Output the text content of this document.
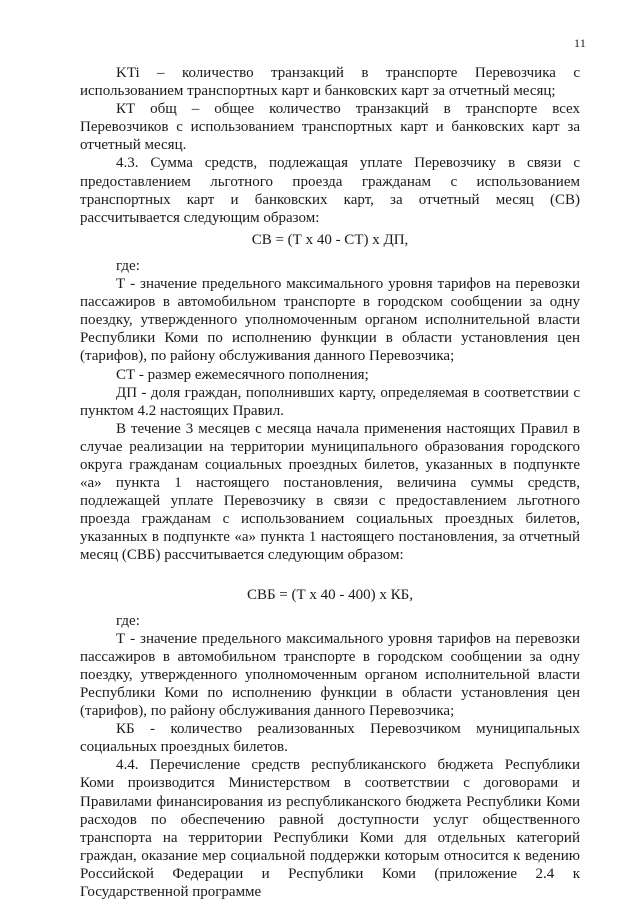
11

KTi – количество транзакций в транспорте Перевозчика с использованием транспортных карт и банковских карт за отчетный месяц;

КТ общ – общее количество транзакций в транспорте всех Перевозчиков с использованием транспортных карт и банковских карт за отчетный месяц.

4.3. Сумма средств, подлежащая уплате Перевозчику в связи с предоставлением льготного проезда гражданам с использованием транспортных карт и банковских карт, за отчетный месяц (СВ) рассчитывается следующим образом:

СВ = (Т х 40 - СТ) х ДП,

где:

Т - значение предельного максимального уровня тарифов на перевозки пассажиров в автомобильном транспорте в городском сообщении за одну поездку, утвержденного уполномоченным органом исполнительной власти Республики Коми по исполнению функции в области установления цен (тарифов), по району обслуживания данного Перевозчика;

СТ - размер ежемесячного пополнения;

ДП - доля граждан, пополнивших карту, определяемая в соответствии с пунктом 4.2 настоящих Правил.

В течение 3 месяцев с месяца начала применения настоящих Правил в случае реализации на территории муниципального образования городского округа гражданам социальных проездных билетов, указанных в подпункте «а» пункта 1 настоящего постановления, величина суммы средств, подлежащей уплате Перевозчику в связи с предоставлением льготного проезда гражданам с использованием социальных проездных билетов, указанных в подпункте «а» пункта 1 настоящего постановления, за отчетный месяц (СВБ) рассчитывается следующим образом:

СВБ = (Т х 40 - 400) х КБ,

где:

Т - значение предельного максимального уровня тарифов на перевозки пассажиров в автомобильном транспорте в городском сообщении за одну поездку, утвержденного уполномоченным органом исполнительной власти Республики Коми по исполнению функции в области установления цен (тарифов), по району обслуживания данного Перевозчика;

КБ - количество реализованных Перевозчиком муниципальных социальных проездных билетов.

4.4. Перечисление средств республиканского бюджета Республики Коми производится Министерством в соответствии с договорами и Правилами финансирования из республиканского бюджета Республики Коми расходов по обеспечению равной доступности услуг общественного транспорта на территории Республики Коми для отдельных категорий граждан, оказание мер социальной поддержки которым относится к ведению Российской Федерации и Республики Коми (приложение 2.4 к Государственной программе
